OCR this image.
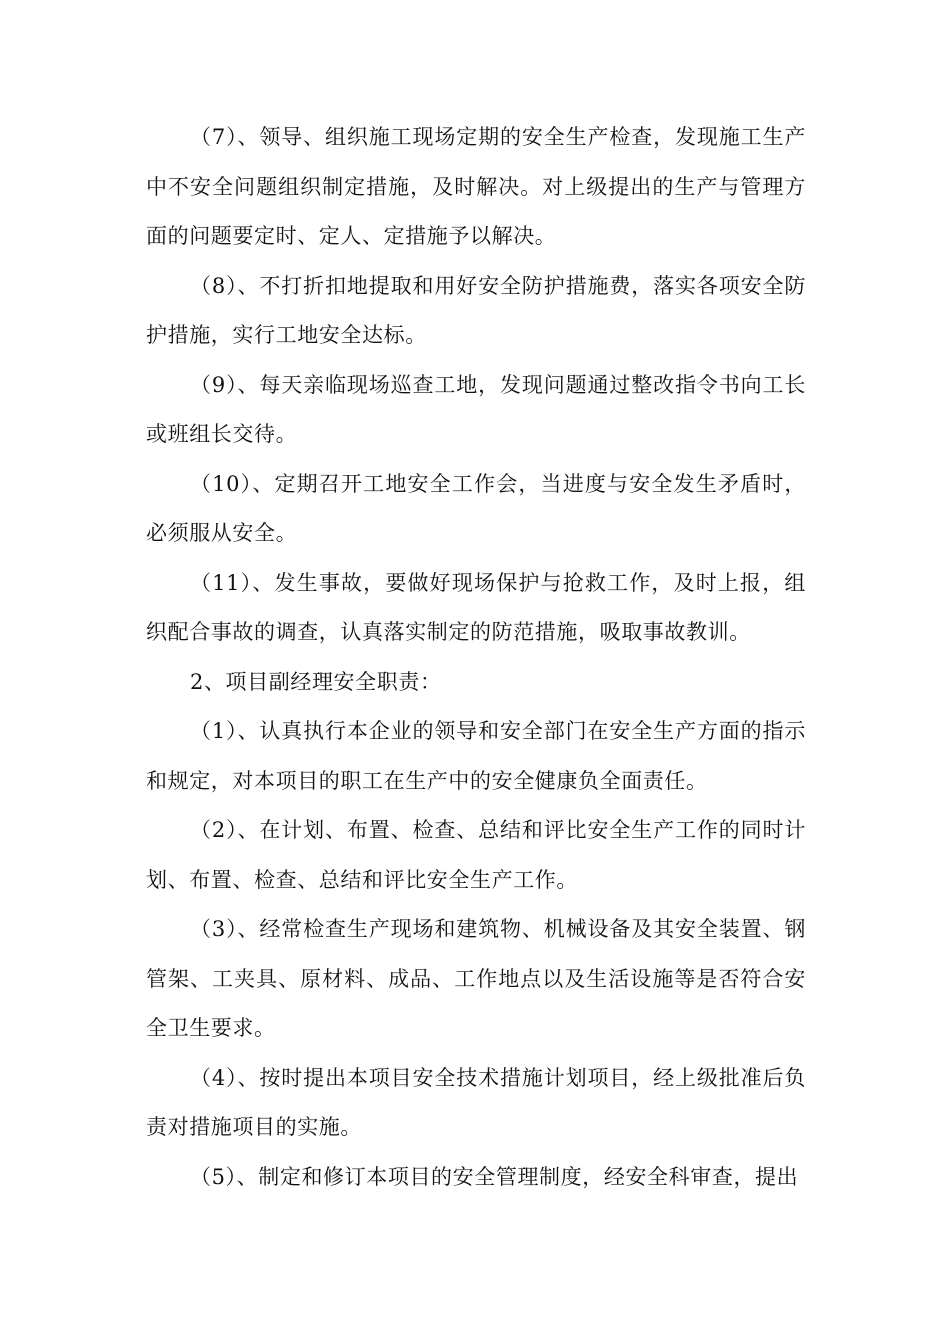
（7）、领导、组织施工现场定期的安全生产检查，发现施工生产中不安全问题组织制定措施，及时解决。对上级提出的生产与管理方面的问题要定时、定人、定措施予以解决。

（8）、不打折扣地提取和用好安全防护措施费，落实各项安全防护措施，实行工地安全达标。

（9）、每天亲临现场巡查工地，发现问题通过整改指令书向工长或班组长交待。

（10）、定期召开工地安全工作会，当进度与安全发生矛盾时，必须服从安全。

（11）、发生事故，要做好现场保护与抢救工作，及时上报，组织配合事故的调查，认真落实制定的防范措施，吸取事故教训。

2、项目副经理安全职责：

（1）、认真执行本企业的领导和安全部门在安全生产方面的指示和规定，对本项目的职工在生产中的安全健康负全面责任。

（2）、在计划、布置、检查、总结和评比安全生产工作的同时计划、布置、检查、总结和评比安全生产工作。

（3）、经常检查生产现场和建筑物、机械设备及其安全装置、钢管架、工夹具、原材料、成品、工作地点以及生活设施等是否符合安全卫生要求。

（4）、按时提出本项目安全技术措施计划项目，经上级批准后负责对措施项目的实施。

（5）、制定和修订本项目的安全管理制度，经安全科审查，提出
